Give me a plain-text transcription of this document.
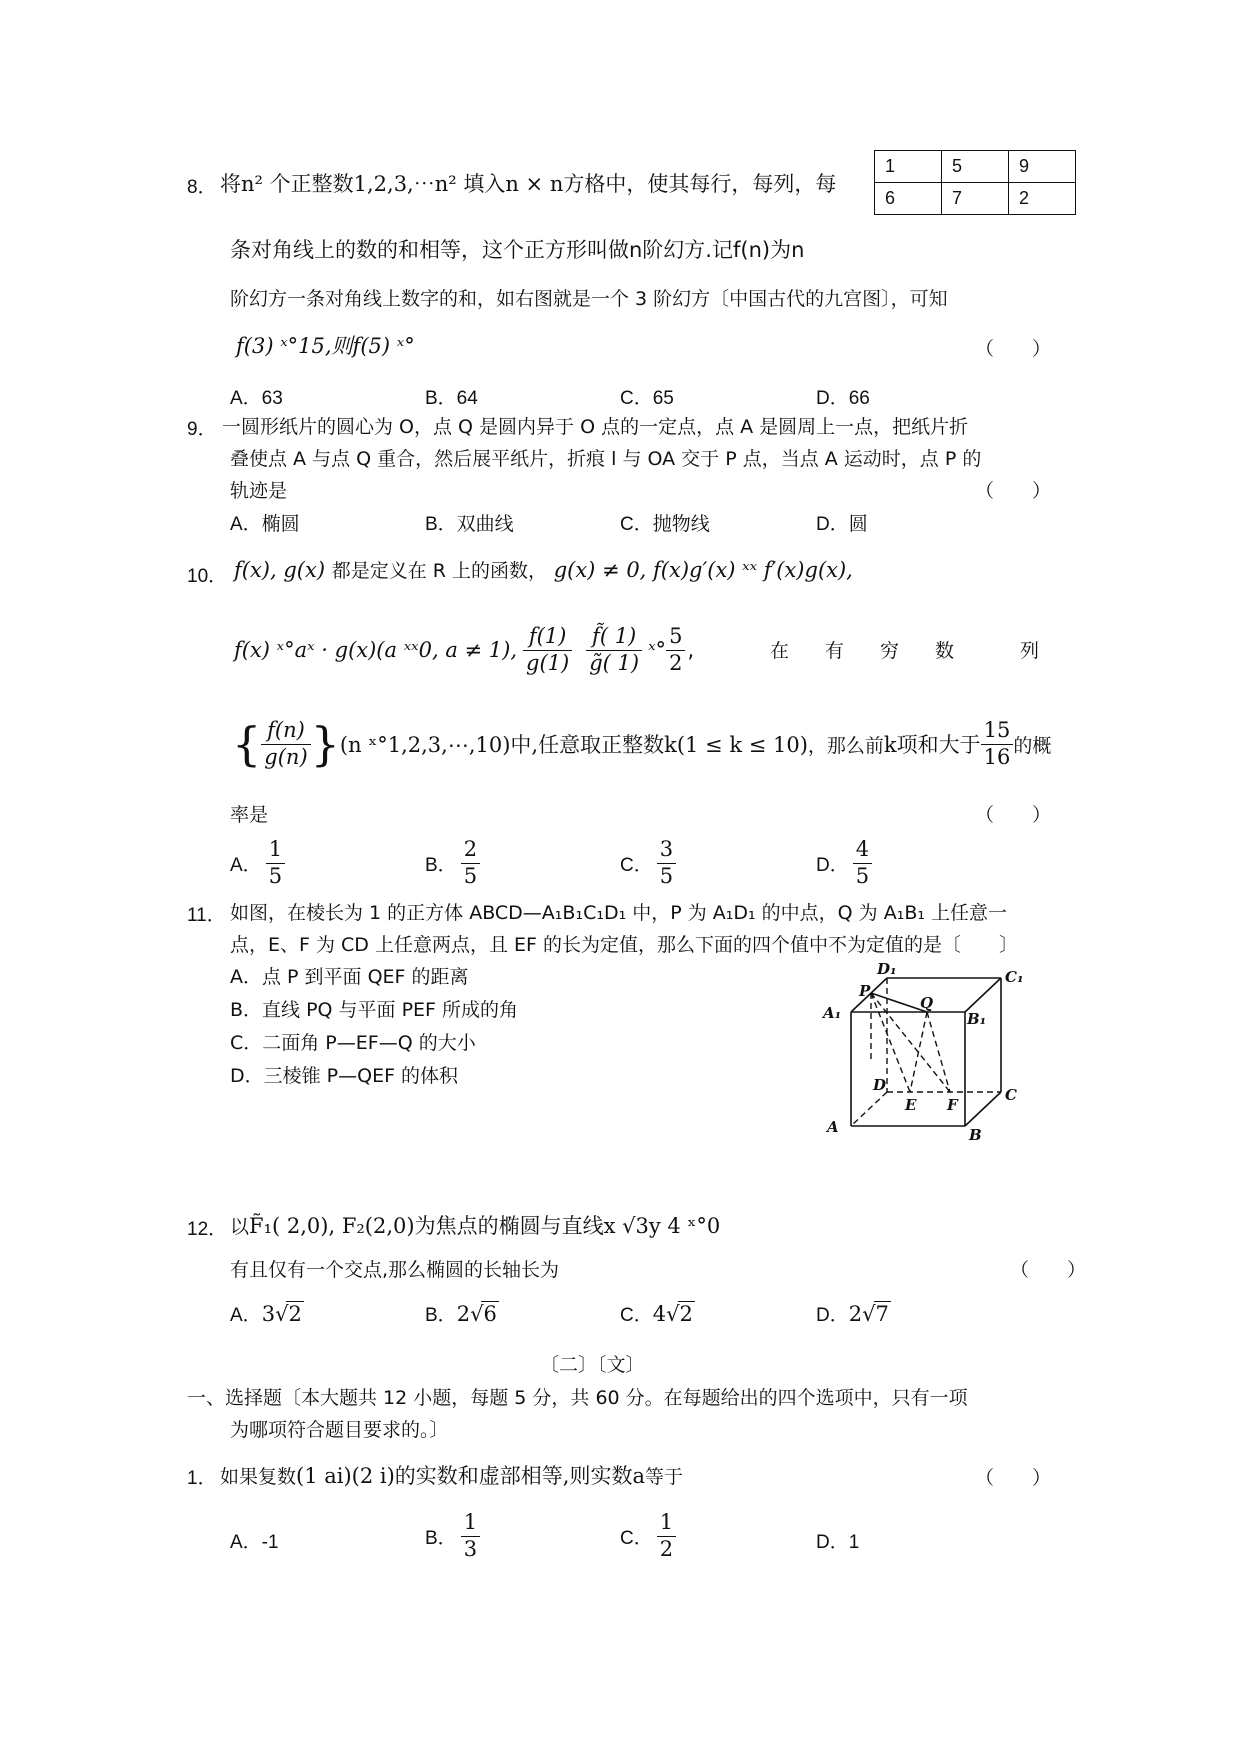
8． 将n² 个正整数1,2,3,⋯n² 填入n × n方格中，使其每行，每列，每
1	5	9
6	7	2
条对角线上的数的和相等，这个正方形叫做n阶幻方.记f(n)为n
阶幻方一条对角线上数字的和，如右图就是一个 3 阶幻方〔中国古代的九宫图〕，可知
f(3) ˣ°15,则f(5) ˣ°	（　　）
A．63	B．64	C．65	D．66
9． 一圆形纸片的圆心为 O，点 Q 是圆内异于 O 点的一定点，点 A 是圆周上一点，把纸片折
叠使点 A 与点 Q 重合，然后展平纸片，折痕 l 与 OA 交于 P 点，当点 A 运动时，点 P 的
轨迹是	（　　）
A．椭圆	B．双曲线	C．抛物线	D．圆
10． f(x), g(x) 都是定义在 R 上的函数， g(x) ≠ 0, f(x)g′(x) ˣˣ f′(x)g(x),
f(x) ˣ°aˣ · g(x)(a ˣˣ0, a ≠ 1), $\frac{f(1)}{g(1)} \frac{f̃( 1)}{g̃( 1)}$ ˣ° $\frac{5}{2}$ ,	在 有 穷 数	列
{ $\frac{f(n)}{g(n)}$ } (n ˣ°1,2,3,⋯,10)中,任意取正整数k(1 ≤ k ≤ 10) ，那么前 k项和大于 $\frac{15}{16}$ 的概
率是	（　　）
A． $\frac{1}{5}$	B． $\frac{2}{5}$	C． $\frac{3}{5}$	D． $\frac{4}{5}$
11． 如图，在棱长为 1 的正方体 ABCD—A₁B₁C₁D₁ 中，P 为 A₁D₁ 的中点，Q 为 A₁B₁ 上任意一
点，E、F 为 CD 上任意两点，且 EF 的长为定值，那么下面的四个值中不为定值的是〔　　〕
A．点 P 到平面 QEF 的距离
B．直线 PQ 与平面 PEF 所成的角
C．二面角 P—EF—Q 的大小
D．三棱锥 P—QEF 的体积
D₁	C₁
P
A₁
Q
B₁
D
E F
C
A	B
12． 以F̃₁( 2,0), F₂(2,0)为焦点的椭圆与直线x √3y 4 ˣ°0
有且仅有一个交点,那么椭圆的长轴长为	（　　）
A．3√2	B．2√6	C．4√2	D．2√7
〔二〕〔文〕
一、选择题〔本大题共 12 小题，每题 5 分，共 60 分。在每题给出的四个选项中，只有一项
为哪项符合题目要求的。〕
1． 如果复数(1 ai)(2 i)的实数和虚部相等,则实数a等于	（　　）
A．-1	B． $\frac{1}{3}$	C． $\frac{1}{2}$	D．1
